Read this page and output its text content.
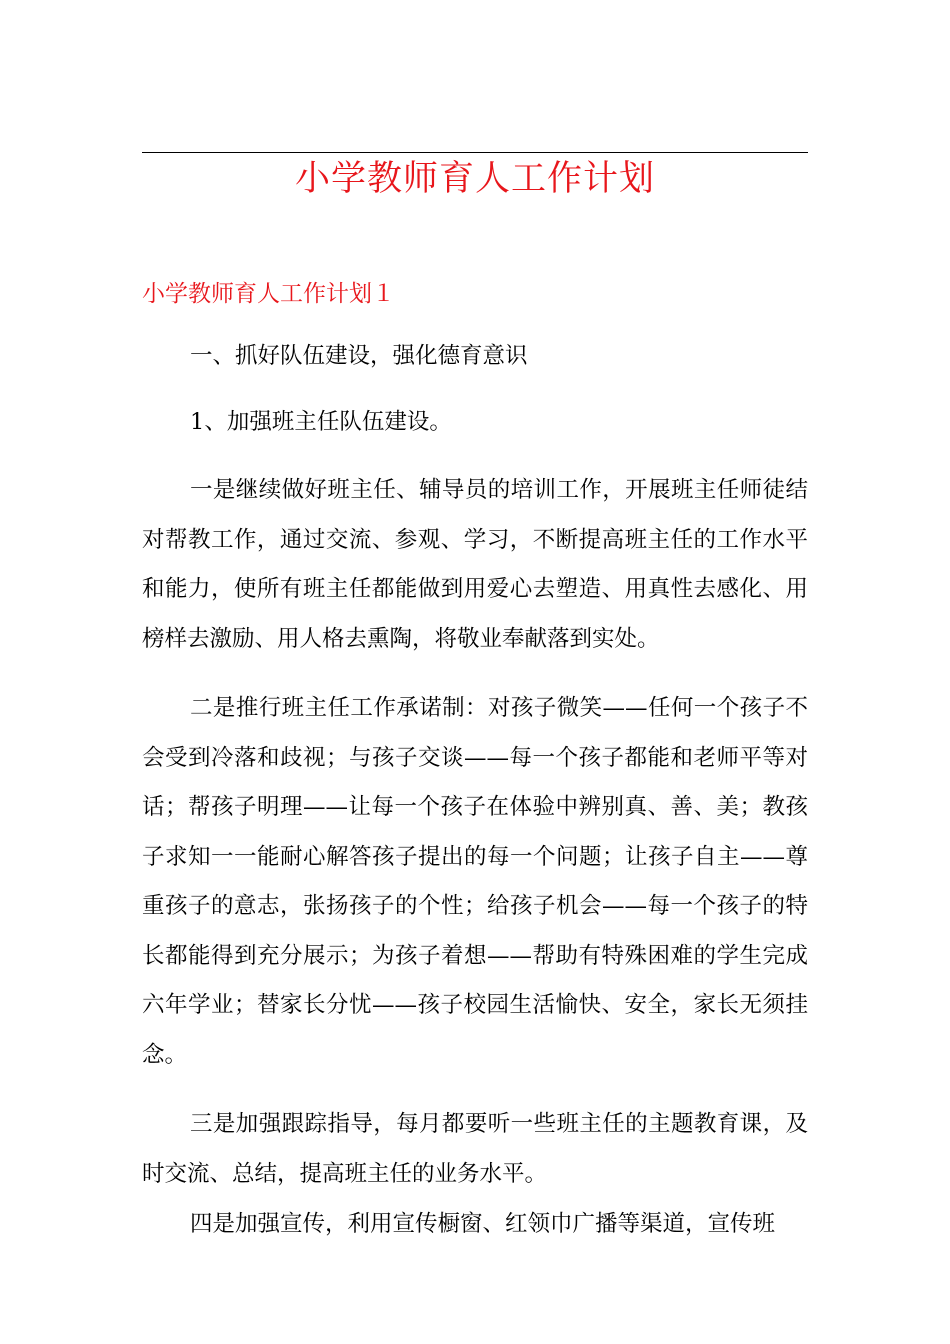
小学教师育人工作计划
小学教师育人工作计划１

一、抓好队伍建设，强化德育意识

1、加强班主任队伍建设。

一是继续做好班主任、辅导员的培训工作，开展班主任师徒结对帮教工作，通过交流、参观、学习，不断提高班主任的工作水平和能力，使所有班主任都能做到用爱心去塑造、用真性去感化、用榜样去激励、用人格去熏陶，将敬业奉献落到实处。

二是推行班主任工作承诺制：对孩子微笑——任何一个孩子不会受到冷落和歧视；与孩子交谈——每一个孩子都能和老师平等对话；帮孩子明理——让每一个孩子在体验中辨别真、善、美；教孩子求知一一能耐心解答孩子提出的每一个问题；让孩子自主——尊重孩子的意志，张扬孩子的个性；给孩子机会——每一个孩子的特长都能得到充分展示；为孩子着想——帮助有特殊困难的学生完成六年学业；替家长分忧——孩子校园生活愉快、安全，家长无须挂念。

三是加强跟踪指导，每月都要听一些班主任的主题教育课，及时交流、总结，提高班主任的业务水平。

四是加强宣传，利用宣传橱窗、红领巾广播等渠道，宣传班
